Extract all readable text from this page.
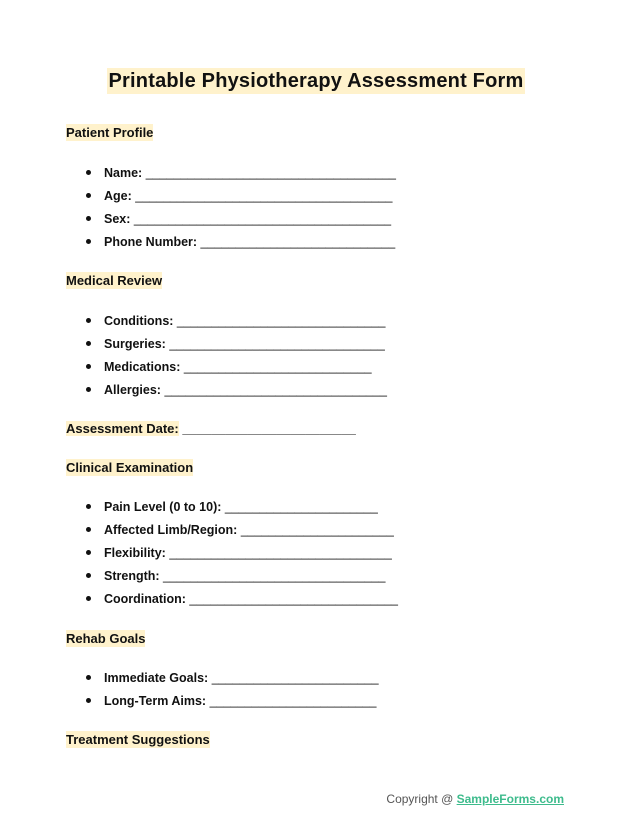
Printable Physiotherapy Assessment Form
Patient Profile
Name: ____________________________________
Age: _____________________________________
Sex: _____________________________________
Phone Number: ____________________________
Medical Review
Conditions: ______________________________
Surgeries: _______________________________
Medications: ___________________________
Allergies: ________________________________

Assessment Date: ________________________

Clinical Examination
Pain Level (0 to 10): ______________________
Affected Limb/Region: ______________________
Flexibility: ________________________________
Strength: ________________________________
Coordination: ______________________________
Rehab Goals
Immediate Goals: ________________________
Long-Term Aims: ________________________
Treatment Suggestions
Copyright @ SampleForms.com
